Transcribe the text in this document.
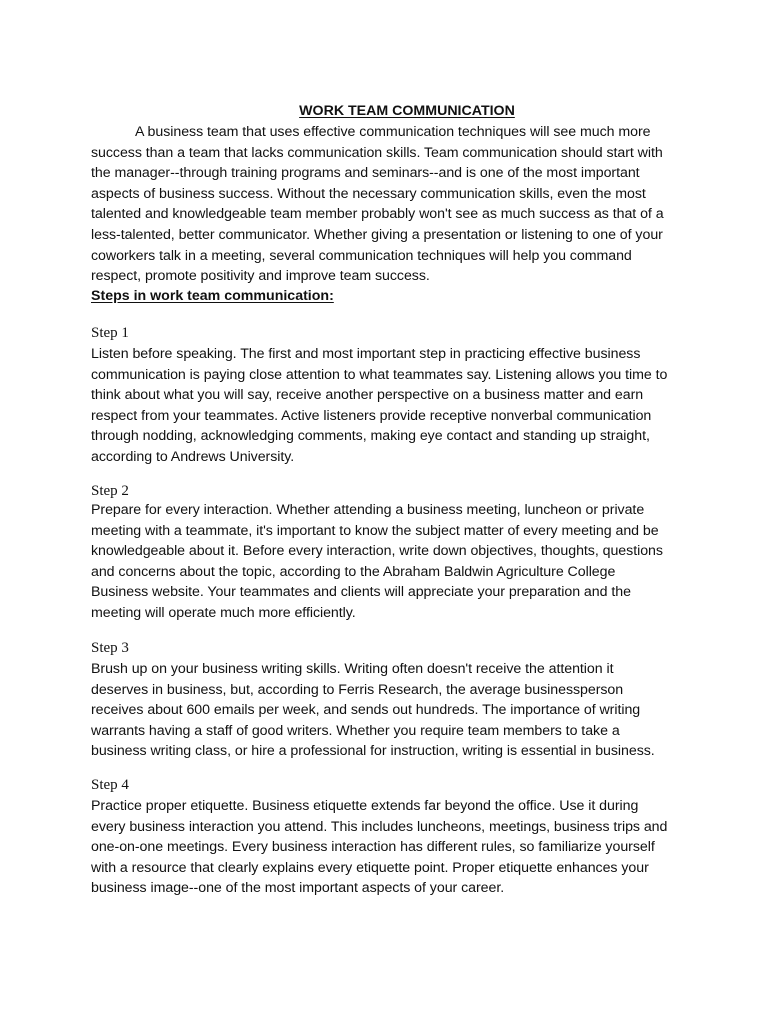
WORK TEAM COMMUNICATION

A business team that uses effective communication techniques will see much more success than a team that lacks communication skills. Team communication should start with the manager--through training programs and seminars--and is one of the most important aspects of business success. Without the necessary communication skills, even the most talented and knowledgeable team member probably won't see as much success as that of a less-talented, better communicator. Whether giving a presentation or listening to one of your coworkers talk in a meeting, several communication techniques will help you command respect, promote positivity and improve team success.

Steps in work team communication:

Step 1

Listen before speaking. The first and most important step in practicing effective business communication is paying close attention to what teammates say. Listening allows you time to think about what you will say, receive another perspective on a business matter and earn respect from your teammates. Active listeners provide receptive nonverbal communication through nodding, acknowledging comments, making eye contact and standing up straight, according to Andrews University.

Step 2

Prepare for every interaction. Whether attending a business meeting, luncheon or private meeting with a teammate, it's important to know the subject matter of every meeting and be knowledgeable about it. Before every interaction, write down objectives, thoughts, questions and concerns about the topic, according to the Abraham Baldwin Agriculture College Business website. Your teammates and clients will appreciate your preparation and the meeting will operate much more efficiently.

Step 3

Brush up on your business writing skills. Writing often doesn't receive the attention it deserves in business, but, according to Ferris Research, the average businessperson receives about 600 emails per week, and sends out hundreds. The importance of writing warrants having a staff of good writers. Whether you require team members to take a business writing class, or hire a professional for instruction, writing is essential in business.

Step 4

Practice proper etiquette. Business etiquette extends far beyond the office. Use it during every business interaction you attend. This includes luncheons, meetings, business trips and one-on-one meetings. Every business interaction has different rules, so familiarize yourself with a resource that clearly explains every etiquette point. Proper etiquette enhances your business image--one of the most important aspects of your career.
